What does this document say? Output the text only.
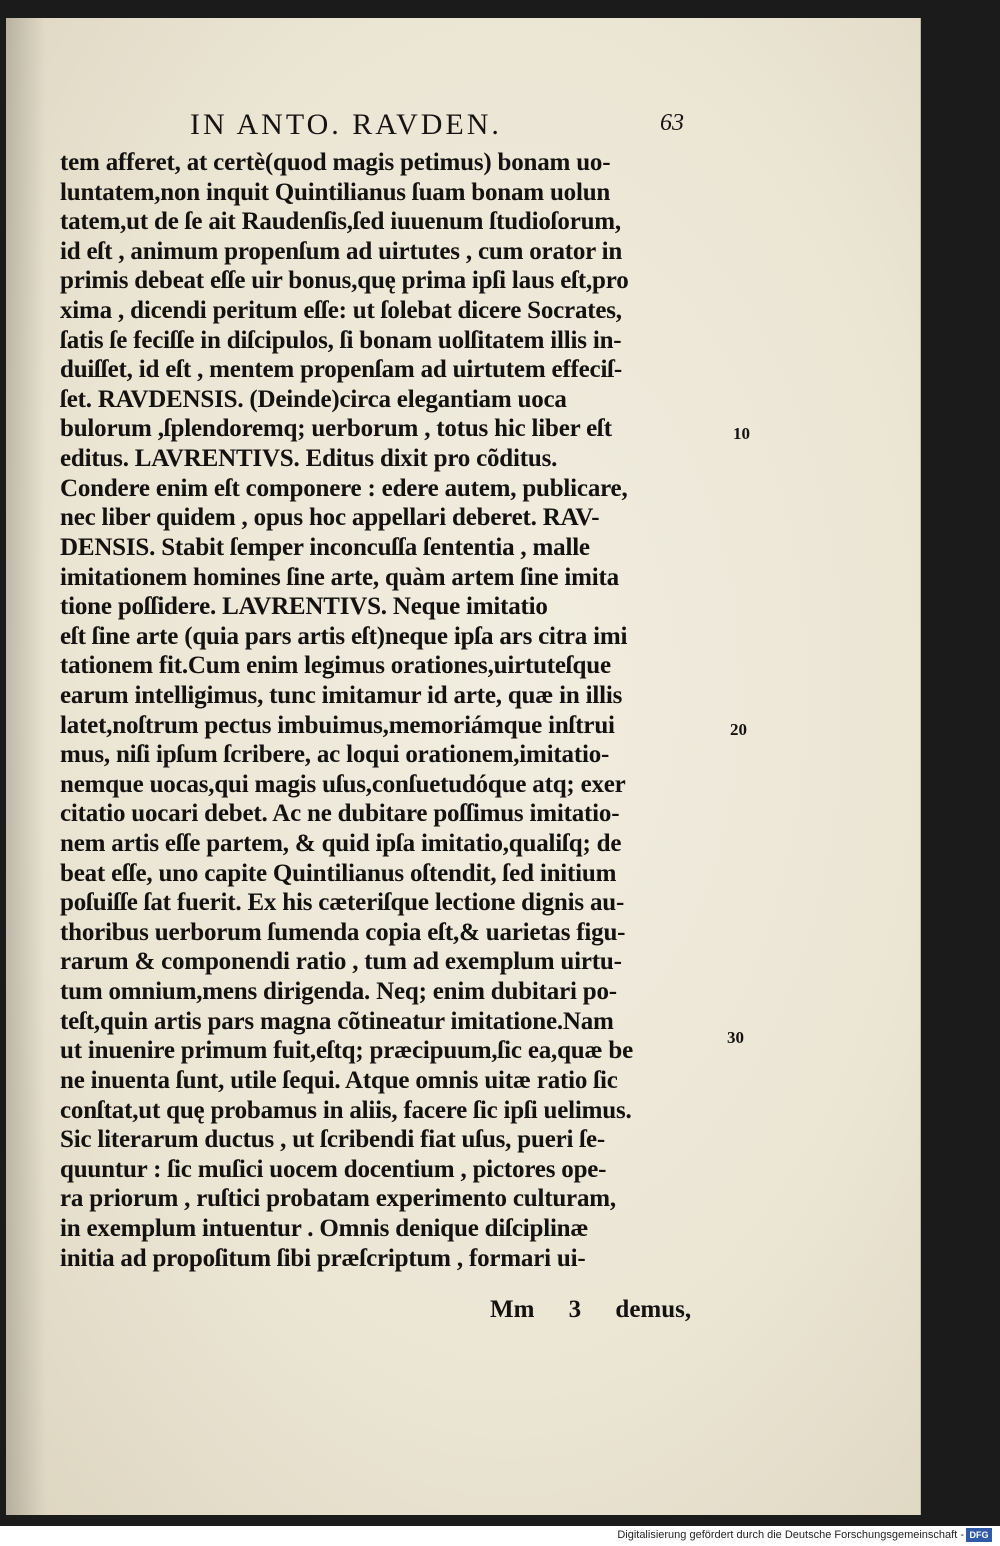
IN ANTO. RAVDEN.	63
tem afferet, at certè(quod magis petimus) bonam uo-
luntatem,non inquit Quintilianus ſuam bonam uolun
tatem,ut de ſe ait Raudenſis,ſed iuuenum ſtudioſorum,
id eſt , animum propenſum ad uirtutes , cum orator in
primis debeat eſſe uir bonus,quę prima ipſi laus eſt,pro
xima , dicendi peritum eſſe: ut ſolebat dicere Socrates,
ſatis ſe feciſſe in diſcipulos, ſi bonam uolſitatem illis in-
duiſſet, id eſt , mentem propenſam ad uirtutem effeciſ-
ſet. RAVDENSIS. (Deinde)circa elegantiam uoca
bulorum ,ſplendoremq; uerborum , totus hic liber eſt
editus. LAVRENTIVS. Editus dixit pro cõditus.
Condere enim eſt componere : edere autem, publicare,
nec liber quidem , opus hoc appellari deberet. RAV-
DENSIS. Stabit ſemper inconcuſſa ſententia , malle
imitationem homines ſine arte, quàm artem ſine imita
tione poſſidere. LAVRENTIVS. Neque imitatio
eſt ſine arte (quia pars artis eſt)neque ipſa ars citra imi
tationem fit.Cum enim legimus orationes,uirtuteſque
earum intelligimus, tunc imitamur id arte, quæ in illis
latet,noſtrum pectus imbuimus,memoriámque inſtrui
mus, niſi ipſum ſcribere, ac loqui orationem,imitatio-
nemque uocas,qui magis uſus,conſuetudóque atq; exer
citatio uocari debet. Ac ne dubitare poſſimus imitatio-
nem artis eſſe partem, & quid ipſa imitatio,qualiſq; de
beat eſſe, uno capite Quintilianus oſtendit, ſed initium
poſuiſſe ſat fuerit. Ex his cæteriſque lectione dignis au-
thoribus uerborum ſumenda copia eſt,& uarietas figu-
rarum & componendi ratio , tum ad exemplum uirtu-
tum omnium,mens dirigenda. Neq; enim dubitari po-
teſt,quin artis pars magna cõtineatur imitatione.Nam
ut inuenire primum fuit,eſtq; præcipuum,ſic ea,quæ be
ne inuenta ſunt, utile ſequi. Atque omnis uitæ ratio ſic
conſtat,ut quę probamus in aliis, facere ſic ipſi uelimus.
Sic literarum ductus , ut ſcribendi fiat uſus, pueri ſe-
quuntur : ſic muſici uocem docentium , pictores ope-
ra priorum , ruſtici probatam experimento culturam,
in exemplum intuentur . Omnis denique diſciplinæ
initia ad propoſitum ſibi præſcriptum , formari ui-
10
20
30
Mm 3 demus,
Digitalisierung gefördert durch die Deutsche Forschungsgemeinschaft - DFG
